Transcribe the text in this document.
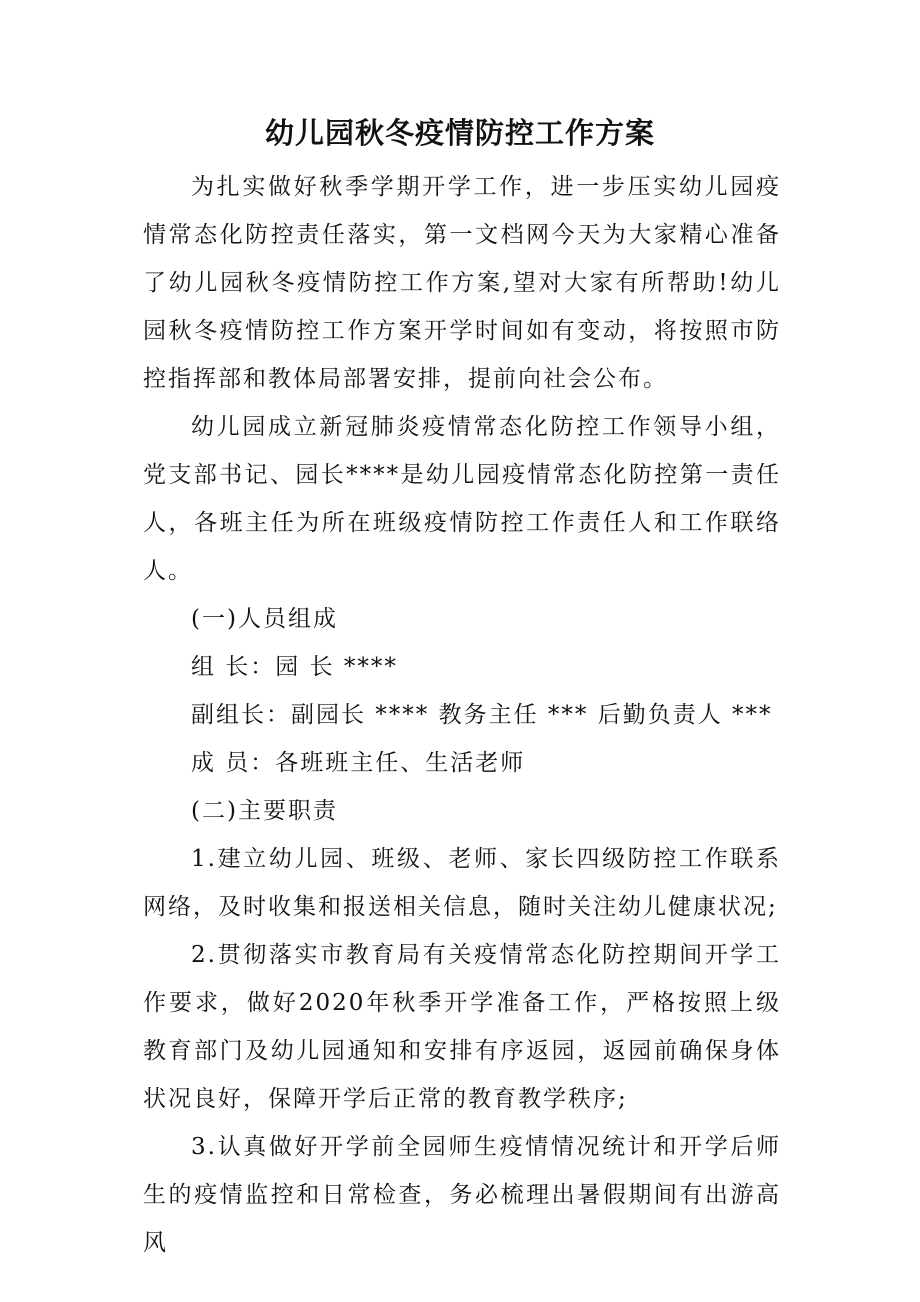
幼儿园秋冬疫情防控工作方案

为扎实做好秋季学期开学工作，进一步压实幼儿园疫情常态化防控责任落实，第一文档网今天为大家精心准备了幼儿园秋冬疫情防控工作方案,望对大家有所帮助!幼儿园秋冬疫情防控工作方案开学时间如有变动，将按照市防控指挥部和教体局部署安排，提前向社会公布。

幼儿园成立新冠肺炎疫情常态化防控工作领导小组，党支部书记、园长****是幼儿园疫情常态化防控第一责任人，各班主任为所在班级疫情防控工作责任人和工作联络人。

(一)人员组成

组 长：园 长 ****

副组长：副园长 **** 教务主任 *** 后勤负责人 ***

成 员：各班班主任、生活老师

(二)主要职责

1.建立幼儿园、班级、老师、家长四级防控工作联系网络，及时收集和报送相关信息，随时关注幼儿健康状况;

2.贯彻落实市教育局有关疫情常态化防控期间开学工作要求，做好2020年秋季开学准备工作，严格按照上级教育部门及幼儿园通知和安排有序返园，返园前确保身体状况良好，保障开学后正常的教育教学秩序;

3.认真做好开学前全园师生疫情情况统计和开学后师生的疫情监控和日常检查，务必梳理出暑假期间有出游高风
